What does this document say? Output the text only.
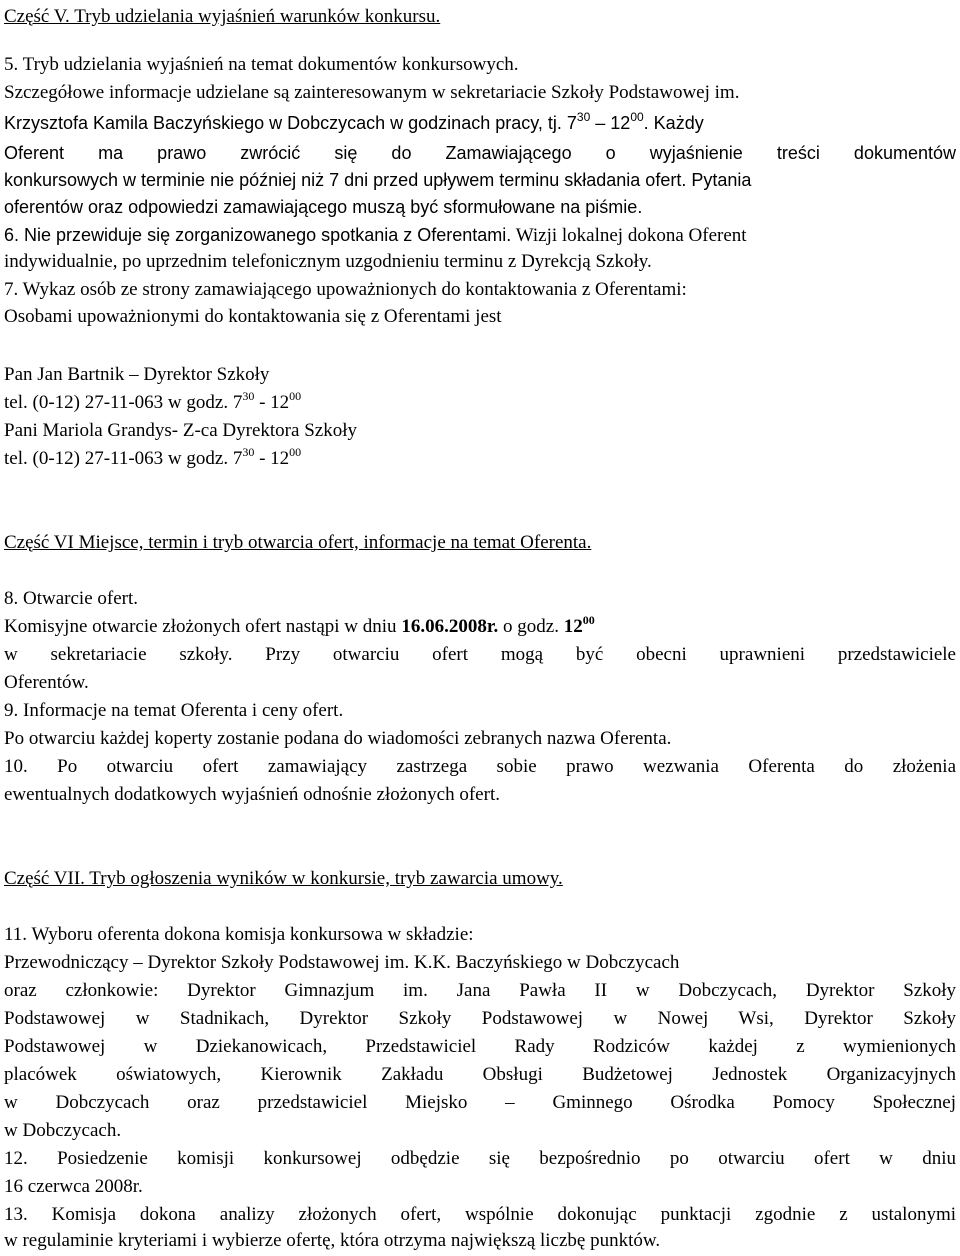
Część V. Tryb udzielania wyjaśnień warunków konkursu.
5. Tryb udzielania wyjaśnień na temat dokumentów konkursowych.
Szczegółowe informacje udzielane są zainteresowanym w sekretariacie Szkoły Podstawowej im.
Krzysztofa Kamila Baczyńskiego w Dobczycach w godzinach pracy, tj. $7^{30} - 12^{00}$. Każdy
Oferent ma prawo zwrócić się do Zamawiającego o wyjaśnienie treści dokumentów
konkursowych w terminie nie później niż 7 dni przed upływem terminu składania ofert. Pytania
oferentów oraz odpowiedzi zamawiającego muszą być sformułowane na piśmie.
6. Nie przewiduje się zorganizowanego spotkania z Oferentami. Wizji lokalnej dokona Oferent
indywidualnie, po uprzednim telefonicznym uzgodnieniu terminu z Dyrekcją Szkoły.
7. Wykaz osób ze strony zamawiającego upoważnionych do kontaktowania z Oferentami:
Osobami upoważnionymi do kontaktowania się z Oferentami jest
Pan Jan Bartnik – Dyrektor Szkoły
tel. (0-12) 27-11-063 w godz. $7^{30} - 12^{00}$
Pani Mariola Grandys- Z-ca Dyrektora Szkoły
tel. (0-12) 27-11-063 w godz. $7^{30} - 12^{00}$
Część VI Miejsce, termin i tryb otwarcia ofert, informacje na temat Oferenta.
8. Otwarcie ofert.
Komisyjne otwarcie złożonych ofert nastąpi w dniu 16.06.2008r. o godz. $12^{00}$
w sekretariacie szkoły. Przy otwarciu ofert mogą być obecni uprawnieni przedstawiciele
Oferentów.
9. Informacje na temat Oferenta i ceny ofert.
Po otwarciu każdej koperty zostanie podana do wiadomości zebranych nazwa Oferenta.
10. Po otwarciu ofert zamawiający zastrzega sobie prawo wezwania Oferenta do złożenia
ewentualnych dodatkowych wyjaśnień odnośnie złożonych ofert.
Część VII. Tryb ogłoszenia wyników w konkursie, tryb zawarcia umowy.
11. Wyboru oferenta dokona komisja konkursowa w składzie:
Przewodniczący – Dyrektor Szkoły Podstawowej im. K.K. Baczyńskiego w Dobczycach
oraz członkowie: Dyrektor Gimnazjum im. Jana Pawła II w Dobczycach, Dyrektor Szkoły
Podstawowej w Stadnikach, Dyrektor Szkoły Podstawowej w Nowej Wsi, Dyrektor Szkoły
Podstawowej w Dziekanowicach, Przedstawiciel Rady Rodziców każdej z wymienionych
placówek oświatowych, Kierownik Zakładu Obsługi Budżetowej Jednostek Organizacyjnych
w Dobczycach oraz przedstawiciel Miejsko – Gminnego Ośrodka Pomocy Społecznej
w Dobczycach.
12. Posiedzenie komisji konkursowej odbędzie się bezpośrednio po otwarciu ofert w dniu
16 czerwca 2008r.
13. Komisja dokona analizy złożonych ofert, wspólnie dokonując punktacji zgodnie z ustalonymi
w regulaminie kryteriami i wybierze ofertę, która otrzyma największą liczbę punktów.
